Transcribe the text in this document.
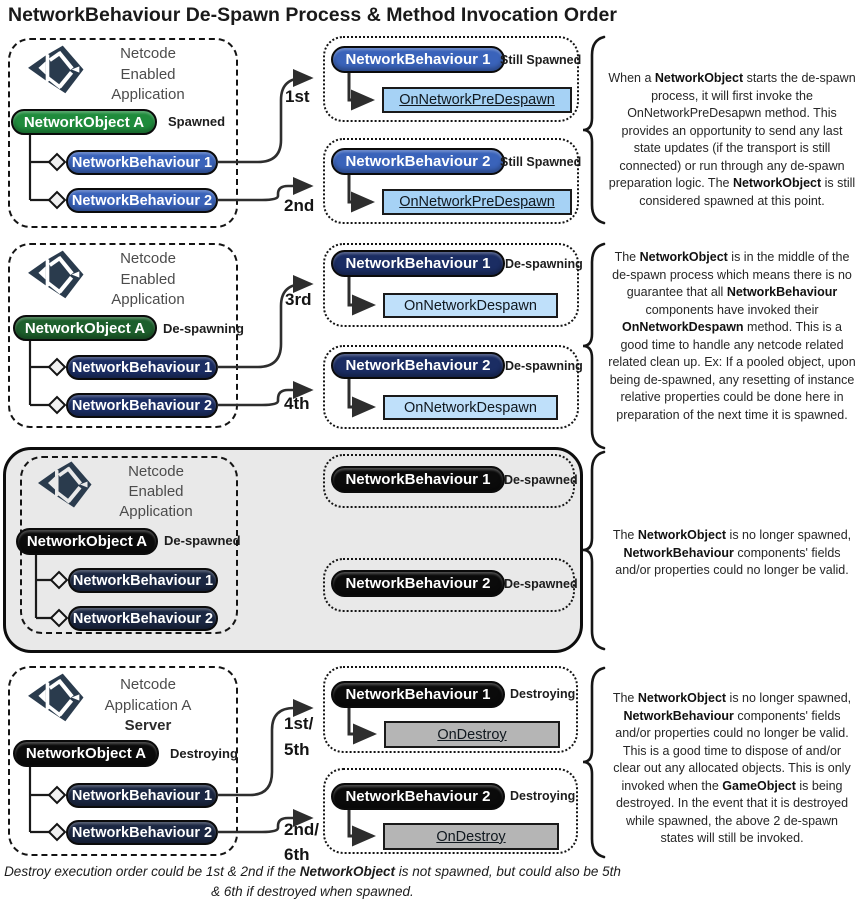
NetworkBehaviour De-Spawn Process & Method Invocation Order
Netcode
Enabled
Application
NetworkObject A	Spawned
NetworkBehaviour 1
NetworkBehaviour 2
1st
2nd
NetworkBehaviour 1 Still Spawned
OnNetworkPreDespawn
NetworkBehaviour 2 Still Spawned
OnNetworkPreDespawn
When a NetworkObject starts the de-spawn process, it will first invoke the OnNetworkPreDesapwn method. This provides an opportunity to send any last state updates (if the transport is still connected) or run through any de-spawn preparation logic. The NetworkObject is still considered spawned at this point.
Netcode
Enabled
Application
NetworkObject A	De-spawning
NetworkBehaviour 1
NetworkBehaviour 2
3rd
4th
NetworkBehaviour 1	De-spawning
OnNetworkDespawn
NetworkBehaviour 2	De-spawning
OnNetworkDespawn
The NetworkObject is in the middle of the de-spawn process which means there is no guarantee that all NetworkBehaviour components have invoked their OnNetworkDespawn method. This is a good time to handle any netcode related related clean up. Ex: If a pooled object, upon being de-spawned, any resetting of instance relative properties could be done here in preparation of the next time it is spawned.
Netcode
Enabled
Application
NetworkObject A	De-spawned
NetworkBehaviour 1
NetworkBehaviour 2
NetworkBehaviour 1	De-spawned
NetworkBehaviour 2	De-spawned
The NetworkObject is no longer spawned, NetworkBehaviour components' fields and/or properties could no longer be valid.
Netcode
Application A
Server
NetworkObject A	Destroying
NetworkBehaviour 1
NetworkBehaviour 2
1st/
5th
2nd/
6th
NetworkBehaviour 1	Destroying
OnDestroy
NetworkBehaviour 2	Destroying
OnDestroy
The NetworkObject is no longer spawned, NetworkBehaviour components' fields and/or properties could no longer be valid. This is a good time to dispose of and/or clear out any allocated objects. This is only invoked when the GameObject is being destroyed. In the event that it is destroyed while spawned, the above 2 de-spawn states will still be invoked.
Destroy execution order could be 1st & 2nd if the NetworkObject is not spawned, but could also be 5th & 6th if destroyed when spawned.
